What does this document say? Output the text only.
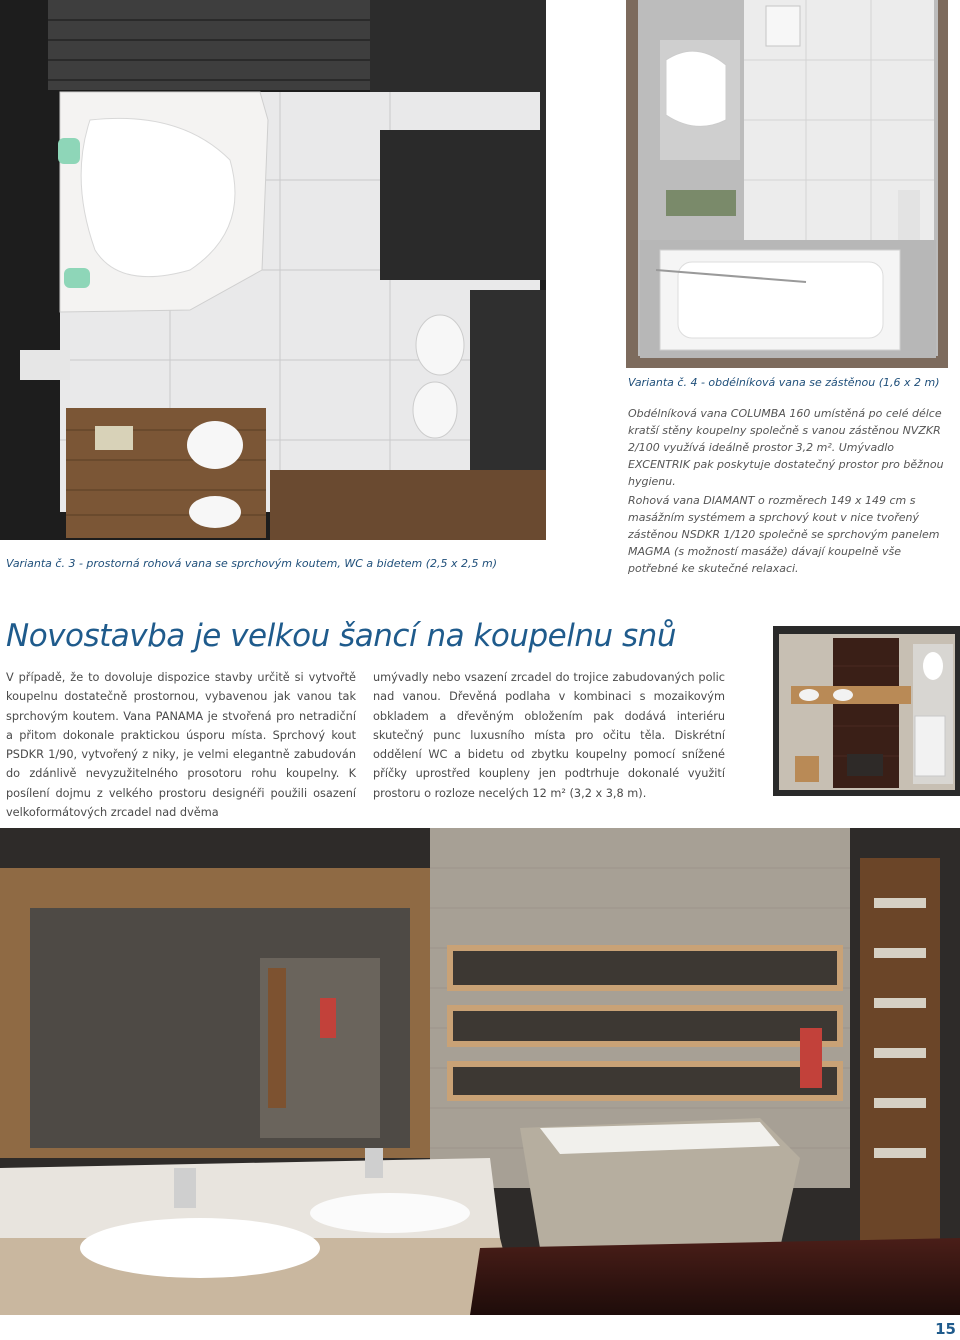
Varianta č. 4 - obdélníková vana se zástěnou (1,6 x 2 m)
Obdélníková vana COLUMBA 160 umístěná po celé délce kratší stěny koupelny společně s vanou zástěnou NVZKR 2/100 využívá ideálně prostor 3,2 m². Umývadlo EXCENTRIK pak poskytuje dostatečný prostor pro běžnou hygienu.
Rohová vana DIAMANT o rozměrech 149 x 149 cm s masážním systémem a sprchový kout v nice tvořený zástěnou NSDKR 1/120 společně se sprchovým panelem MAGMA (s možností masáže) dávají koupelně vše potřebné ke skutečné relaxaci.
Varianta č. 3 - prostorná rohová vana se sprchovým koutem, WC a bidetem (2,5 x 2,5 m)
Novostavba je velkou šancí na koupelnu snů
V případě, že to dovoluje dispozice stavby určitě si vytvořtě koupelnu dostatečně prostornou, vybavenou jak vanou tak sprchovým koutem. Vana PANAMA je stvořená pro netradiční a přitom dokonale praktickou úsporu místa. Sprchový kout PSDKR 1/90, vytvořený z niky, je velmi elegantně zabudován do zdánlivě nevyzužitelného prosotoru rohu koupelny. K posílení dojmu z velkého prostoru designéři použili osazení velkoformátových zrcadel nad dvěma
umývadly nebo vsazení zrcadel do trojice zabudovaných polic nad vanou. Dřevěná podlaha v kombinaci s mozaikovým obkladem a dřevěným obložením pak dodává interiéru skutečný punc luxusního místa pro očitu těla. Diskrétní oddělení WC a bidetu od zbytku koupelny pomocí snížené příčky uprostřed koupleny jen podtrhuje dokonalé využití prostoru o rozloze necelých 12 m² (3,2 x 3,8 m).
15
